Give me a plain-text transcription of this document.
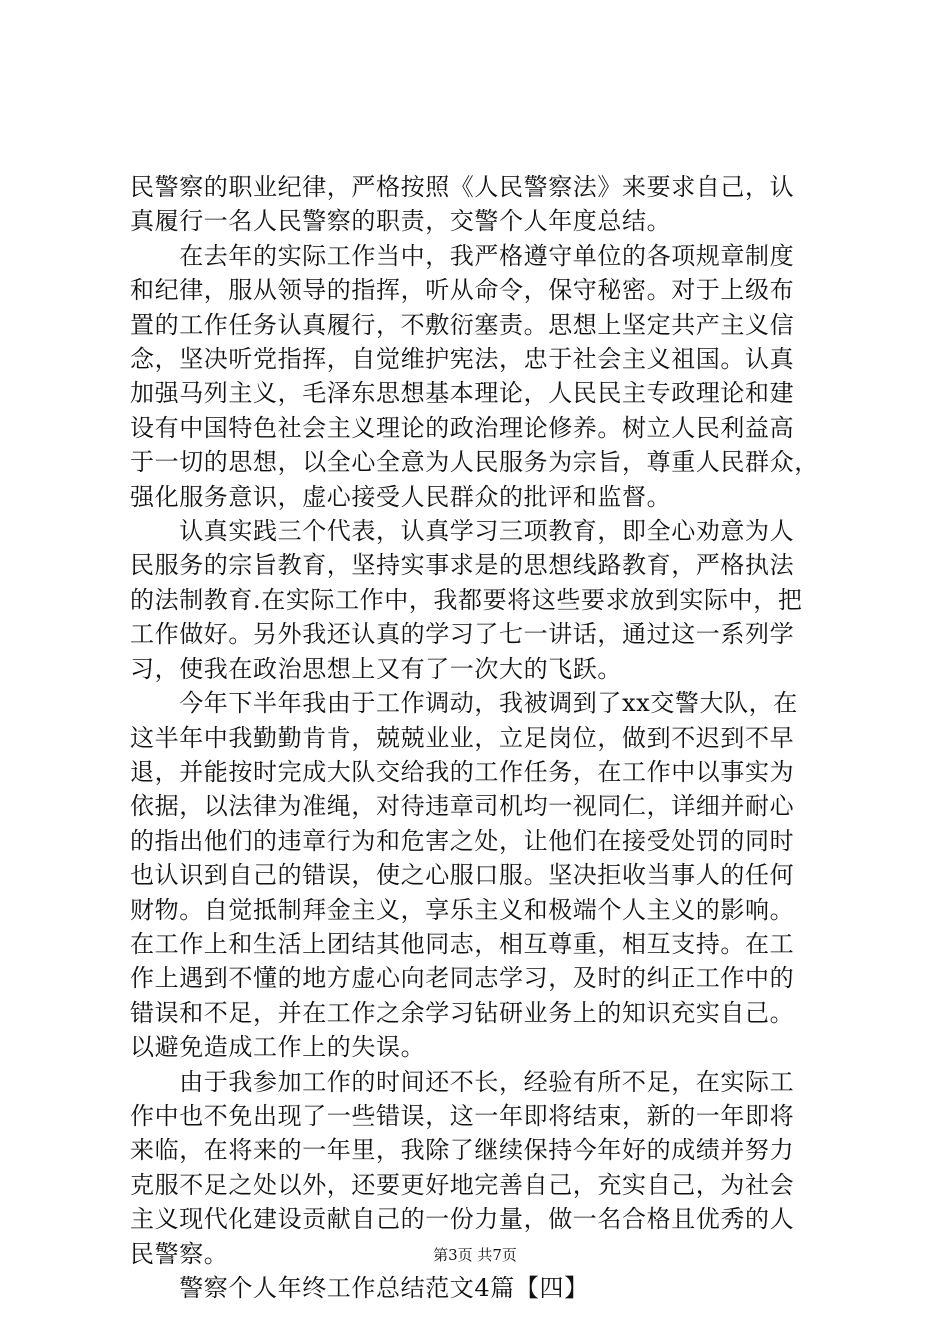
民警察的职业纪律，严格按照《人民警察法》来要求自己，认
真履行一名人民警察的职责，交警个人年度总结。
　　在去年的实际工作当中，我严格遵守单位的各项规章制度
和纪律，服从领导的指挥，听从命令，保守秘密。对于上级布
置的工作任务认真履行，不敷衍塞责。思想上坚定共产主义信
念，坚决听党指挥，自觉维护宪法，忠于社会主义祖国。认真
加强马列主义，毛泽东思想基本理论，人民民主专政理论和建
设有中国特色社会主义理论的政治理论修养。树立人民利益高
于一切的思想，以全心全意为人民服务为宗旨，尊重人民群众，
强化服务意识，虚心接受人民群众的批评和监督。
　　认真实践三个代表，认真学习三项教育，即全心劝意为人
民服务的宗旨教育，坚持实事求是的思想线路教育，严格执法
的法制教育.在实际工作中，我都要将这些要求放到实际中，把
工作做好。另外我还认真的学习了七一讲话，通过这一系列学
习，使我在政治思想上又有了一次大的飞跃。
　　今年下半年我由于工作调动，我被调到了xx交警大队，在
这半年中我勤勤肯肯，兢兢业业，立足岗位，做到不迟到不早
退，并能按时完成大队交给我的工作任务，在工作中以事实为
依据，以法律为准绳，对待违章司机均一视同仁，详细并耐心
的指出他们的违章行为和危害之处，让他们在接受处罚的同时
也认识到自己的错误，使之心服口服。坚决拒收当事人的任何
财物。自觉抵制拜金主义，享乐主义和极端个人主义的影响。
在工作上和生活上团结其他同志，相互尊重，相互支持。在工
作上遇到不懂的地方虚心向老同志学习，及时的纠正工作中的
错误和不足，并在工作之余学习钻研业务上的知识充实自己。
以避免造成工作上的失误。
　　由于我参加工作的时间还不长，经验有所不足，在实际工
作中也不免出现了一些错误，这一年即将结束，新的一年即将
来临，在将来的一年里，我除了继续保持今年好的成绩并努力
克服不足之处以外，还要更好地完善自己，充实自己，为社会
主义现代化建设贡献自己的一份力量，做一名合格且优秀的人
民警察。
　　警察个人年终工作总结范文4篇【四】
第3页 共7页
